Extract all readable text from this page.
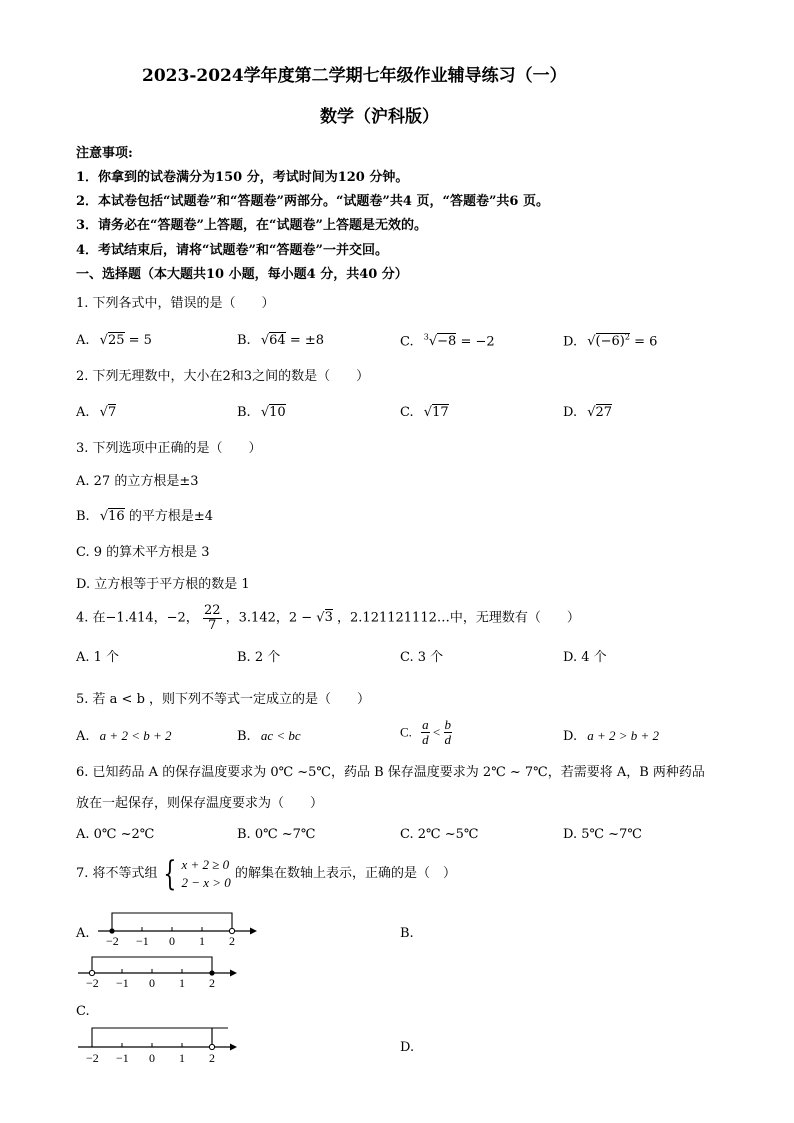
2023-2024学年度第二学期七年级作业辅导练习（一）
数学（沪科版）
注意事项:
1．你拿到的试卷满分为150 分，考试时间为120 分钟。
2．本试卷包括“试题卷”和“答题卷”两部分。“试题卷”共4 页，“答题卷”共6 页。
3．请务必在“答题卷”上答题，在“试题卷”上答题是无效的。
4．考试结束后，请将“试题卷”和“答题卷”一并交回。
一、选择题（本大题共10 小题，每小题4 分，共40 分）
1. 下列各式中，错误的是（　　）
A. √25 = 5	B. √64 = ±8	C. $^3$√−8 = −2	D. $√(-6)^2 = 6$
2. 下列无理数中，大小在2和3之间的数是（　　）
A. √7	B. √10	C. √17	D. √27
3. 下列选项中正确的是（　　）
A. 27 的立方根是±3
B. √16 的平方根是±4
C. 9 的算术平方根是 3
D. 立方根等于平方根的数是 1
4. 在−1.414，−2， $\frac{22}{7}$ ，3.142，2 − √3 ，2.121121112…中，无理数有（　　）
A. 1 个	B. 2 个	C. 3 个	D. 4 个
5. 若 a < b ，则下列不等式一定成立的是（　　）
A. a + 2 < b + 2	B. ac < bc	C. $\frac{a}{d} < \frac{b}{d}$	D. a + 2 > b + 2
6. 已知药品 A 的保存温度要求为 0℃ ~5℃，药品 B 保存温度要求为 2℃ ~ 7℃，若需要将 A，B 两种药品
放在一起保存，则保存温度要求为（　　）
A. 0℃ ~2℃	B. 0℃ ~7℃	C. 2℃ ~5℃	D. 5℃ ~7℃
7. 将不等式组 { x + 2 ≥ 0
2 − x > 0
的解集在数轴上表示，正确的是（　）
A.	B.
C.
D.
−2 −1 0 1 2
−2 −1 0 1 2
−2 −1 0 1 2
